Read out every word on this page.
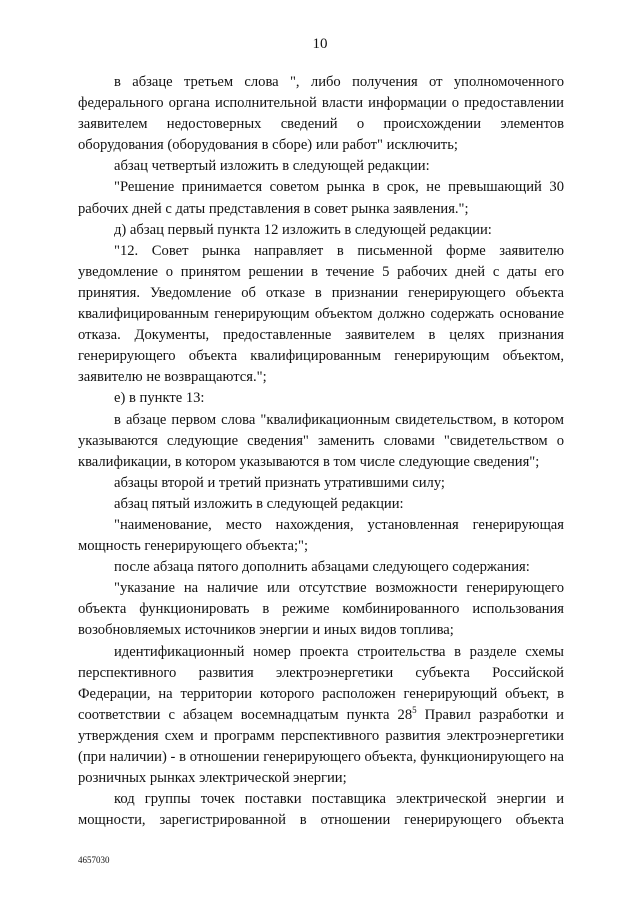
10

в абзаце третьем слова ", либо получения от уполномоченного федерального органа исполнительной власти информации о предоставлении заявителем недостоверных сведений о происхождении элементов оборудования (оборудования в сборе) или работ" исключить;

абзац четвертый изложить в следующей редакции:

"Решение принимается советом рынка в срок, не превышающий 30 рабочих дней с даты представления в совет рынка заявления.";

д) абзац первый пункта 12 изложить в следующей редакции:

"12. Совет рынка направляет в письменной форме заявителю уведомление о принятом решении в течение 5 рабочих дней с даты его принятия. Уведомление об отказе в признании генерирующего объекта квалифицированным генерирующим объектом должно содержать основание отказа. Документы, предоставленные заявителем в целях признания генерирующего объекта квалифицированным генерирующим объектом, заявителю не возвращаются.";

е) в пункте 13:

в абзаце первом слова "квалификационным свидетельством, в котором указываются следующие сведения" заменить словами "свидетельством о квалификации, в котором указываются в том числе следующие сведения";

абзацы второй и третий признать утратившими силу;

абзац пятый изложить в следующей редакции:

"наименование, место нахождения, установленная генерирующая мощность генерирующего объекта;";

после абзаца пятого дополнить абзацами следующего содержания:

"указание на наличие или отсутствие возможности генерирующего объекта функционировать в режиме комбинированного использования возобновляемых источников энергии и иных видов топлива;

идентификационный номер проекта строительства в разделе схемы перспективного развития электроэнергетики субъекта Российской Федерации, на территории которого расположен генерирующий объект, в соответствии с абзацем восемнадцатым пункта $28^5$ Правил разработки и утверждения схем и программ перспективного развития электроэнергетики (при наличии) - в отношении генерирующего объекта, функционирующего на розничных рынках электрической энергии;

код группы точек поставки поставщика электрической энергии и мощности, зарегистрированной в отношении генерирующего объекта

4657030
